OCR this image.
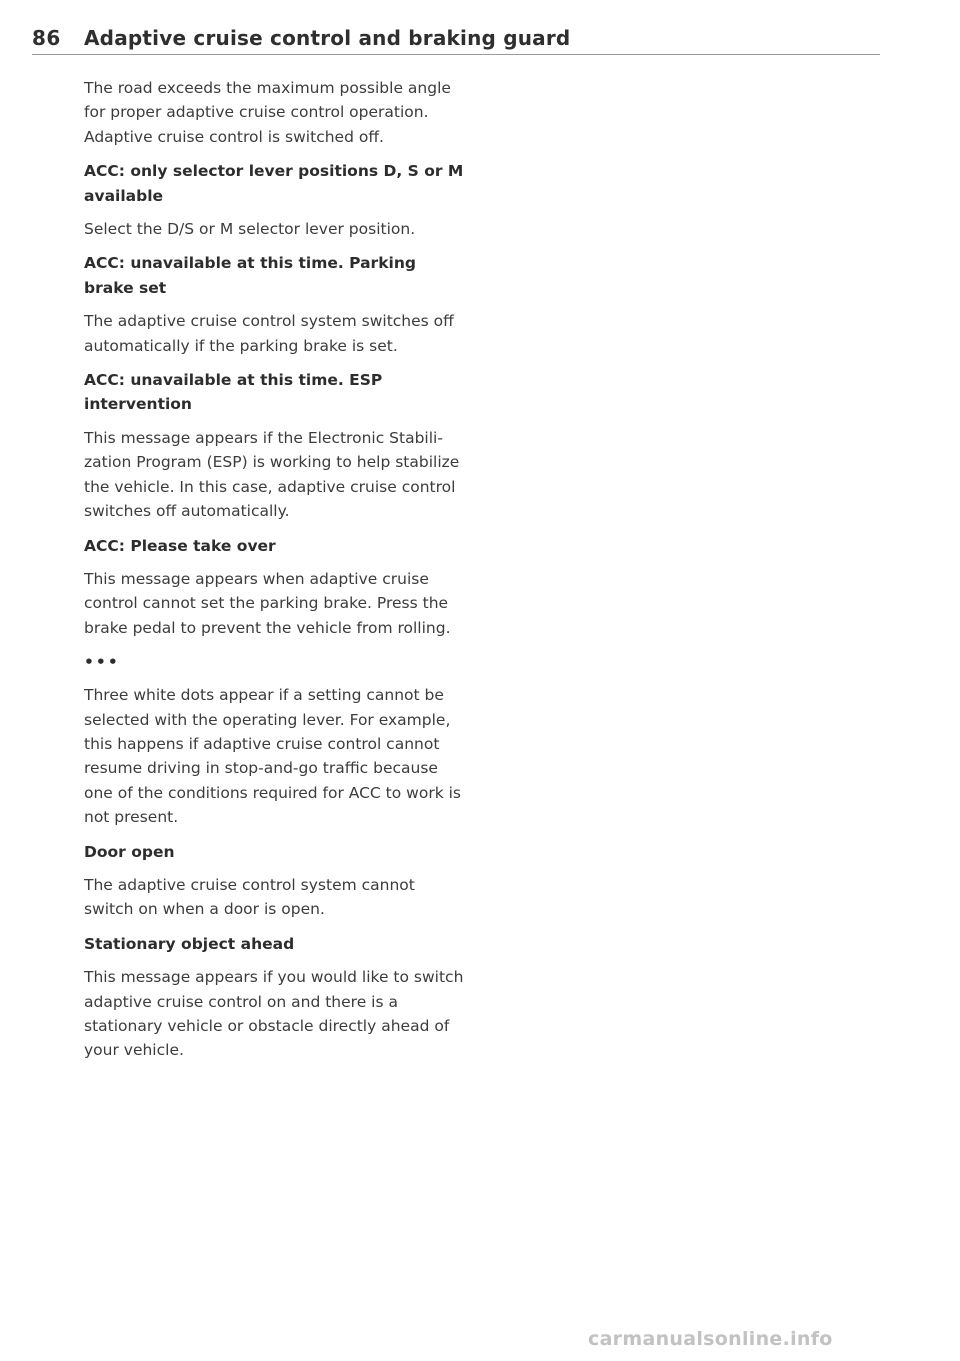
86	Adaptive cruise control and braking guard

The road exceeds the maximum possible angle for proper adaptive cruise control operation. Adaptive cruise control is switched off.

ACC: only selector lever positions D, S or M available

Select the D/S or M selector lever position.

ACC: unavailable at this time. Parking brake set

The adaptive cruise control system switches off automatically if the parking brake is set.

ACC: unavailable at this time. ESP intervention

This message appears if the Electronic Stabilization Program (ESP) is working to help stabilize the vehicle. In this case, adaptive cruise control switches off automatically.

ACC: Please take over

This message appears when adaptive cruise control cannot set the parking brake. Press the brake pedal to prevent the vehicle from rolling.

•••

Three white dots appear if a setting cannot be selected with the operating lever. For example, this happens if adaptive cruise control cannot resume driving in stop-and-go traffic because one of the conditions required for ACC to work is not present.

Door open

The adaptive cruise control system cannot switch on when a door is open.

Stationary object ahead

This message appears if you would like to switch adaptive cruise control on and there is a stationary vehicle or obstacle directly ahead of your vehicle.

carmanualsonline.info
